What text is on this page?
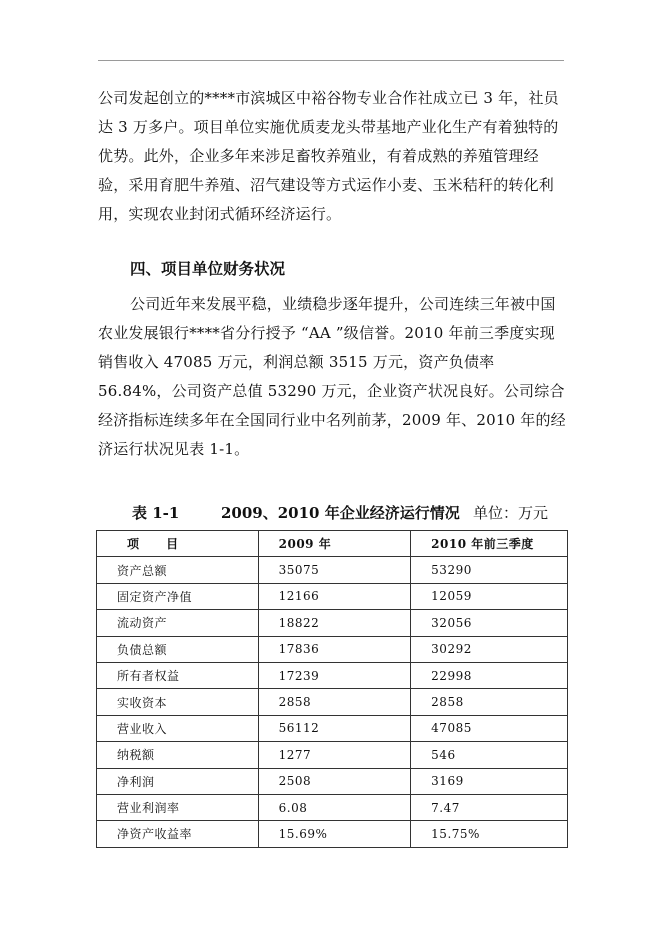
公司发起创立的****市滨城区中裕谷物专业合作社成立已 3 年，社员达 3 万多户。项目单位实施优质麦龙头带基地产业化生产有着独特的优势。此外，企业多年来涉足畜牧养殖业，有着成熟的养殖管理经验，采用育肥牛养殖、沼气建设等方式运作小麦、玉米秸秆的转化利用，实现农业封闭式循环经济运行。

四、项目单位财务状况

公司近年来发展平稳，业绩稳步逐年提升，公司连续三年被中国农业发展银行****省分行授予 “AA ”级信誉。2010 年前三季度实现销售收入 47085 万元，利润总额 3515 万元，资产负债率 56.84%，公司资产总值 53290 万元，企业资产状况良好。公司综合经济指标连续多年在全国同行业中名列前茅，2009 年、2010 年的经济运行状况见表 1-1。

表 1-1	2009、2010 年企业经济运行情况 单位：万元
项 目	2009 年	2010 年前三季度
资产总额	35075	53290
固定资产净值	12166	12059
流动资产	18822	32056
负债总额	17836	30292
所有者权益	17239	22998
实收资本	2858	2858
营业收入	56112	47085
纳税额	1277	546
净利润	2508	3169
营业利润率	6.08	7.47
净资产收益率	15.69%	15.75%
